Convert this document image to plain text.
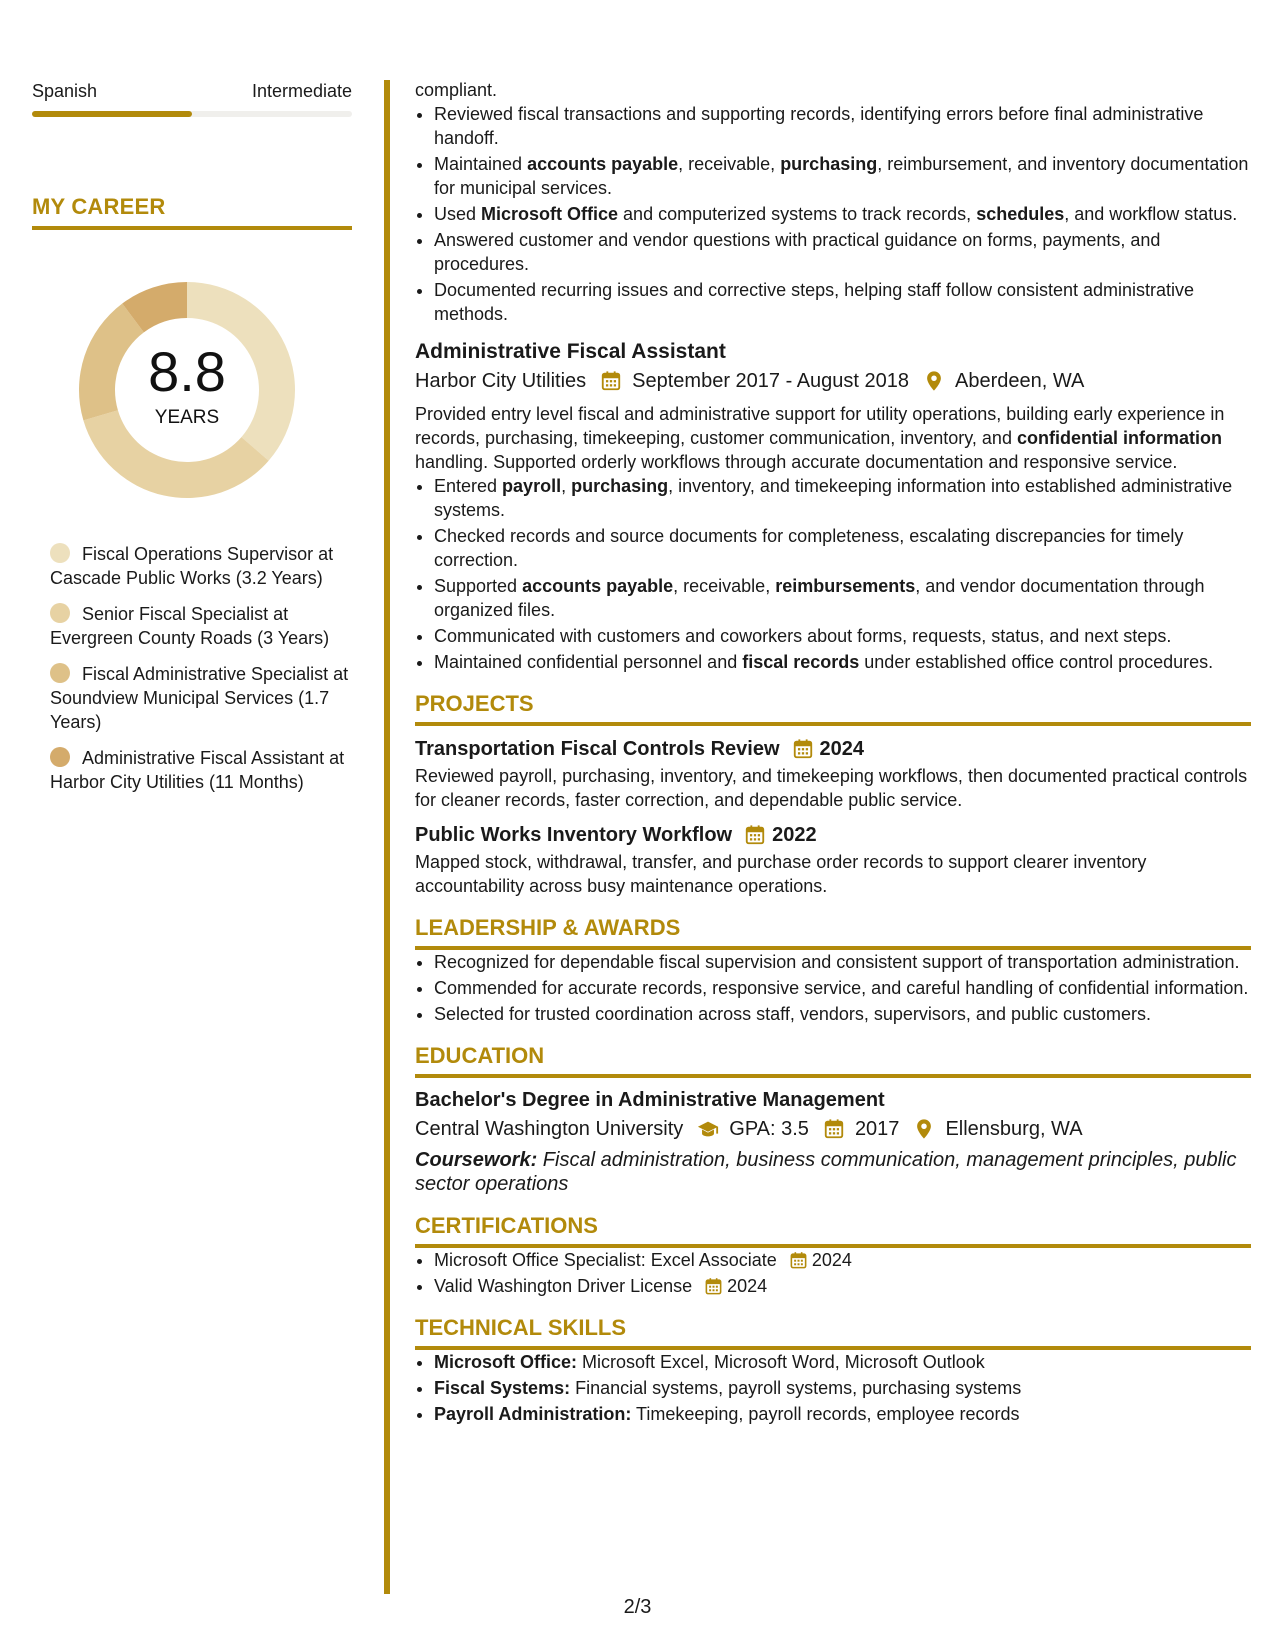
Spanish	Intermediate
MY CAREER
8.8
YEARS
Fiscal Operations Supervisor at Cascade Public Works (3.2 Years)
Senior Fiscal Specialist at Evergreen County Roads (3 Years)
Fiscal Administrative Specialist at Soundview Municipal Services (1.7 Years)
Administrative Fiscal Assistant at Harbor City Utilities (11 Months)
compliant.
• Reviewed fiscal transactions and supporting records, identifying errors before final administrative handoff.
• Maintained accounts payable, receivable, purchasing, reimbursement, and inventory documentation for municipal services.
• Used Microsoft Office and computerized systems to track records, schedules, and workflow status.
• Answered customer and vendor questions with practical guidance on forms, payments, and procedures.
• Documented recurring issues and corrective steps, helping staff follow consistent administrative methods.
Administrative Fiscal Assistant
Harbor City Utilities September 2017 - August 2018 Aberdeen, WA
Provided entry level fiscal and administrative support for utility operations, building early experience in records, purchasing, timekeeping, customer communication, inventory, and confidential information handling. Supported orderly workflows through accurate documentation and responsive service.
• Entered payroll, purchasing, inventory, and timekeeping information into established administrative systems.
• Checked records and source documents for completeness, escalating discrepancies for timely correction.
• Supported accounts payable, receivable, reimbursements, and vendor documentation through organized files.
• Communicated with customers and coworkers about forms, requests, status, and next steps.
• Maintained confidential personnel and fiscal records under established office control procedures.
PROJECTS
Transportation Fiscal Controls Review 2024
Reviewed payroll, purchasing, inventory, and timekeeping workflows, then documented practical controls for cleaner records, faster correction, and dependable public service.
Public Works Inventory Workflow 2022
Mapped stock, withdrawal, transfer, and purchase order records to support clearer inventory accountability across busy maintenance operations.
LEADERSHIP & AWARDS
• Recognized for dependable fiscal supervision and consistent support of transportation administration.
• Commended for accurate records, responsive service, and careful handling of confidential information.
• Selected for trusted coordination across staff, vendors, supervisors, and public customers.
EDUCATION
Bachelor's Degree in Administrative Management
Central Washington University GPA: 3.5 2017 Ellensburg, WA
Coursework: Fiscal administration, business communication, management principles, public sector operations
CERTIFICATIONS
• Microsoft Office Specialist: Excel Associate 2024
• Valid Washington Driver License 2024
TECHNICAL SKILLS
• Microsoft Office: Microsoft Excel, Microsoft Word, Microsoft Outlook
• Fiscal Systems: Financial systems, payroll systems, purchasing systems
• Payroll Administration: Timekeeping, payroll records, employee records
2/3
